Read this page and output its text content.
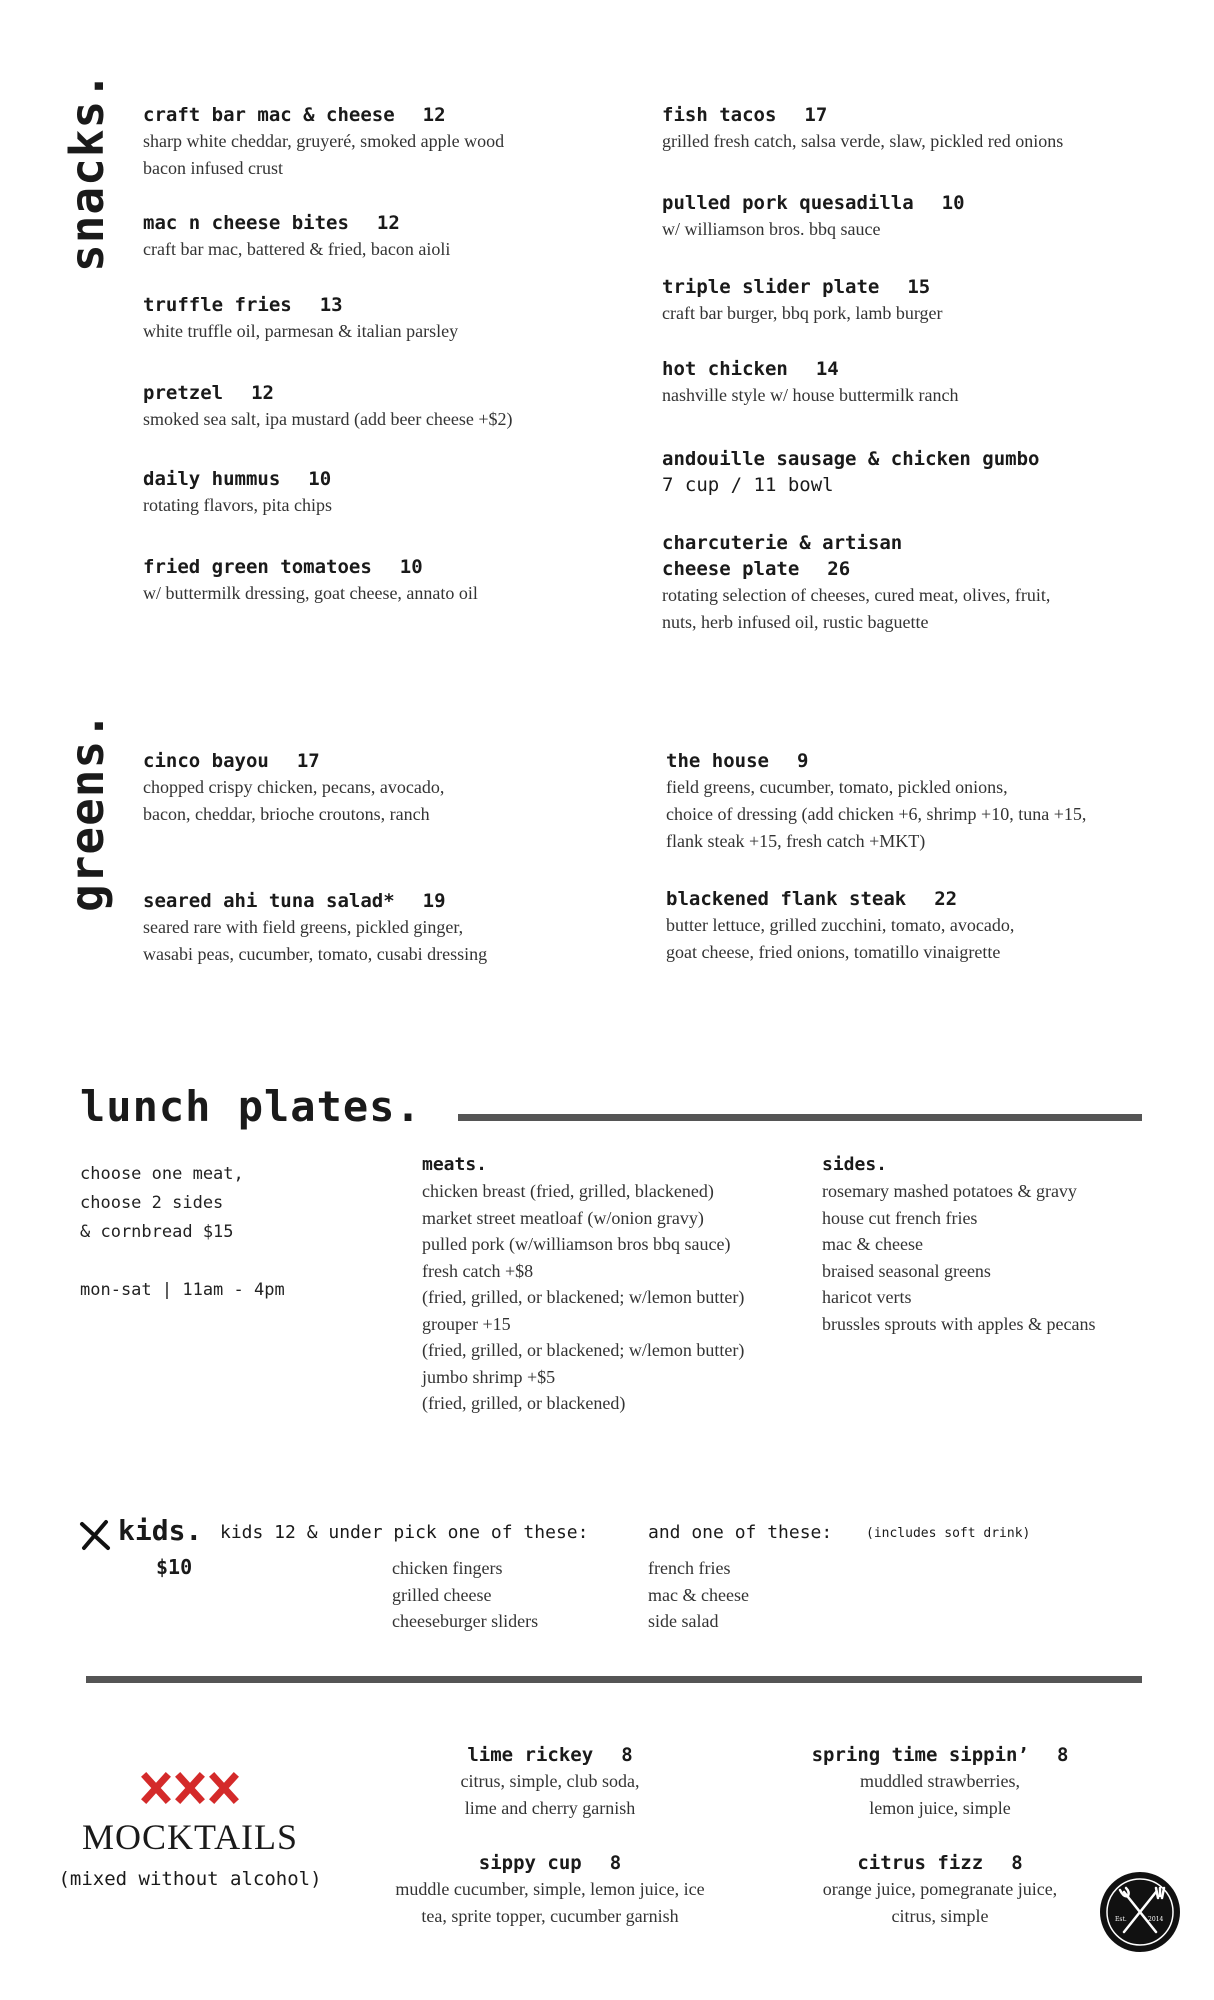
snacks. craft bar mac & cheese 12
sharp white cheddar, gruyeré, smoked apple wood
bacon infused crust
mac n cheese bites 12
craft bar mac, battered & fried, bacon aioli
truffle fries 13
white truffle oil, parmesan & italian parsley
pretzel 12
smoked sea salt, ipa mustard (add beer cheese +$2)
daily hummus 10
rotating flavors, pita chips
fried green tomatoes 10
w/ buttermilk dressing, goat cheese, annato oil
fish tacos 17
grilled fresh catch, salsa verde, slaw, pickled red onions
pulled pork quesadilla 10
w/ williamson bros. bbq sauce
triple slider plate 15
craft bar burger, bbq pork, lamb burger
hot chicken 14
nashville style w/ house buttermilk ranch
andouille sausage & chicken gumbo
7 cup / 11 bowl
charcuterie & artisan
cheese plate 26
rotating selection of cheeses, cured meat, olives, fruit,
nuts, herb infused oil, rustic baguette
greens. cinco bayou 17
chopped crispy chicken, pecans, avocado,
bacon, cheddar, brioche croutons, ranch
seared ahi tuna salad* 19
seared rare with field greens, pickled ginger,
wasabi peas, cucumber, tomato, cusabi dressing
the house 9
field greens, cucumber, tomato, pickled onions,
choice of dressing (add chicken +6, shrimp +10, tuna +15,
flank steak +15, fresh catch +MKT)
blackened flank steak 22
butter lettuce, grilled zucchini, tomato, avocado,
goat cheese, fried onions, tomatillo vinaigrette
lunch plates.
choose one meat,
choose 2 sides
& cornbread $15
mon-sat | 11am - 4pm
meats.
chicken breast (fried, grilled, blackened)
market street meatloaf (w/onion gravy)
pulled pork (w/williamson bros bbq sauce)
fresh catch +$8
(fried, grilled, or blackened; w/lemon butter)
grouper +15
(fried, grilled, or blackened; w/lemon butter)
jumbo shrimp +$5
(fried, grilled, or blackened)
sides.
rosemary mashed potatoes & gravy
house cut french fries
mac & cheese
braised seasonal greens
haricot verts
brussles sprouts with apples & pecans
kids.
$10
kids 12 & under pick one of these:
chicken fingers
grilled cheese
cheeseburger sliders
and one of these:	(includes soft drink)
french fries
mac & cheese
side salad
MOCKTAILS
(mixed without alcohol)
lime rickey 8
citrus, simple, club soda,
lime and cherry garnish
spring time sippin’ 8
muddled strawberries,
lemon juice, simple
sippy cup 8
muddle cucumber, simple, lemon juice, ice
tea, sprite topper, cucumber garnish
citrus fizz 8
orange juice, pomegranate juice,
citrus, simple	Est.	2014
